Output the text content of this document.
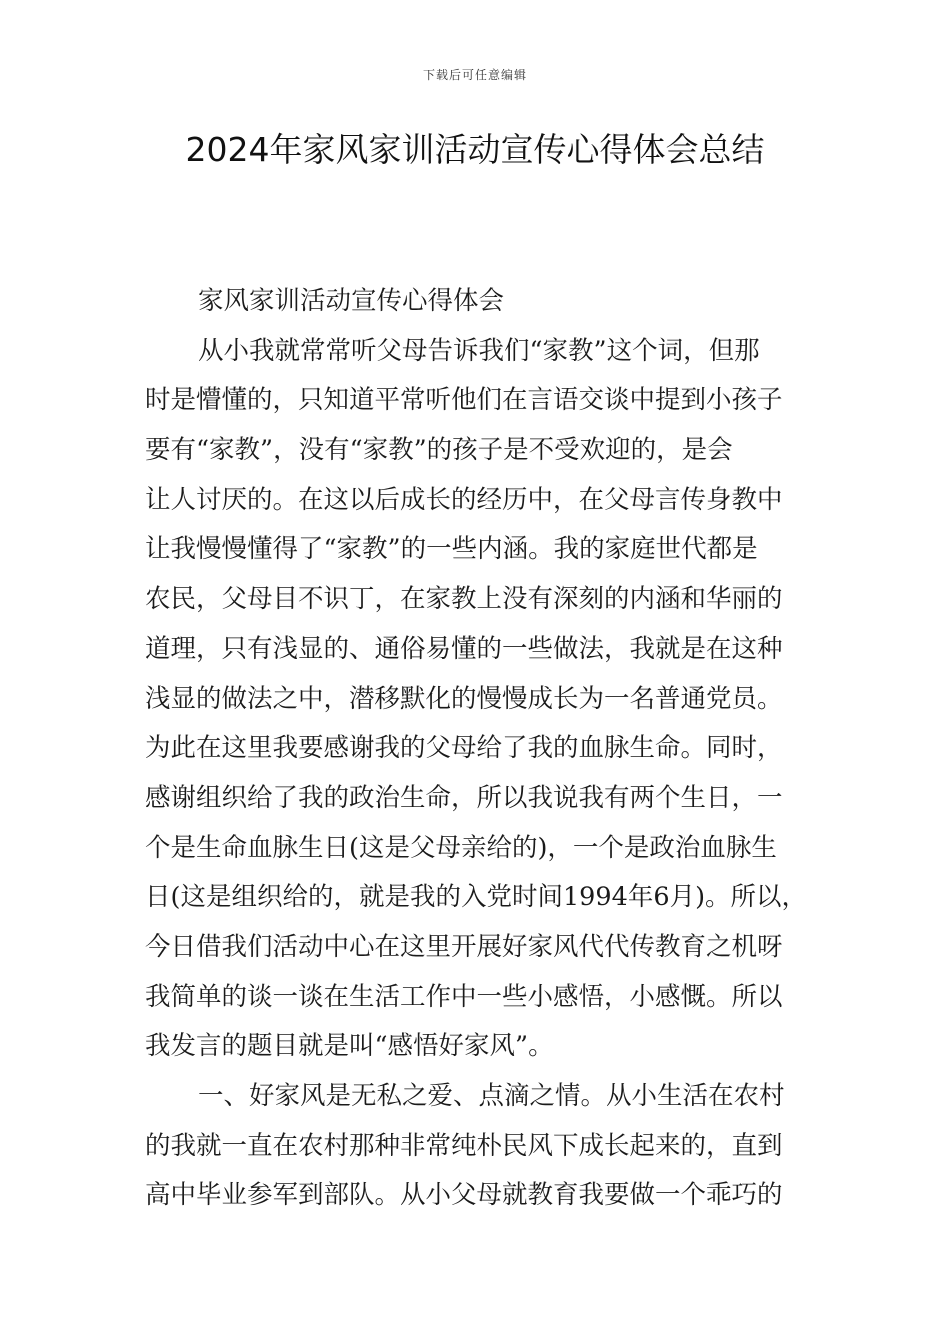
下载后可任意编辑
2024年家风家训活动宣传心得体会总结
家风家训活动宣传心得体会
从小我就常常听父母告诉我们“家教”这个词，但那
时是懵懂的，只知道平常听他们在言语交谈中提到小孩子
要有“家教”，没有“家教”的孩子是不受欢迎的，是会
让人讨厌的。在这以后成长的经历中，在父母言传身教中
让我慢慢懂得了“家教”的一些内涵。我的家庭世代都是
农民，父母目不识丁，在家教上没有深刻的内涵和华丽的
道理，只有浅显的、通俗易懂的一些做法，我就是在这种
浅显的做法之中，潜移默化的慢慢成长为一名普通党员。
为此在这里我要感谢我的父母给了我的血脉生命。同时，
感谢组织给了我的政治生命，所以我说我有两个生日，一
个是生命血脉生日(这是父母亲给的)，一个是政治血脉生
日(这是组织给的，就是我的入党时间1994年6月)。所以，
今日借我们活动中心在这里开展好家风代代传教育之机呀
我简单的谈一谈在生活工作中一些小感悟，小感慨。所以
我发言的题目就是叫“感悟好家风”。
一、好家风是无私之爱、点滴之情。从小生活在农村
的我就一直在农村那种非常纯朴民风下成长起来的，直到
高中毕业参军到部队。从小父母就教育我要做一个乖巧的
